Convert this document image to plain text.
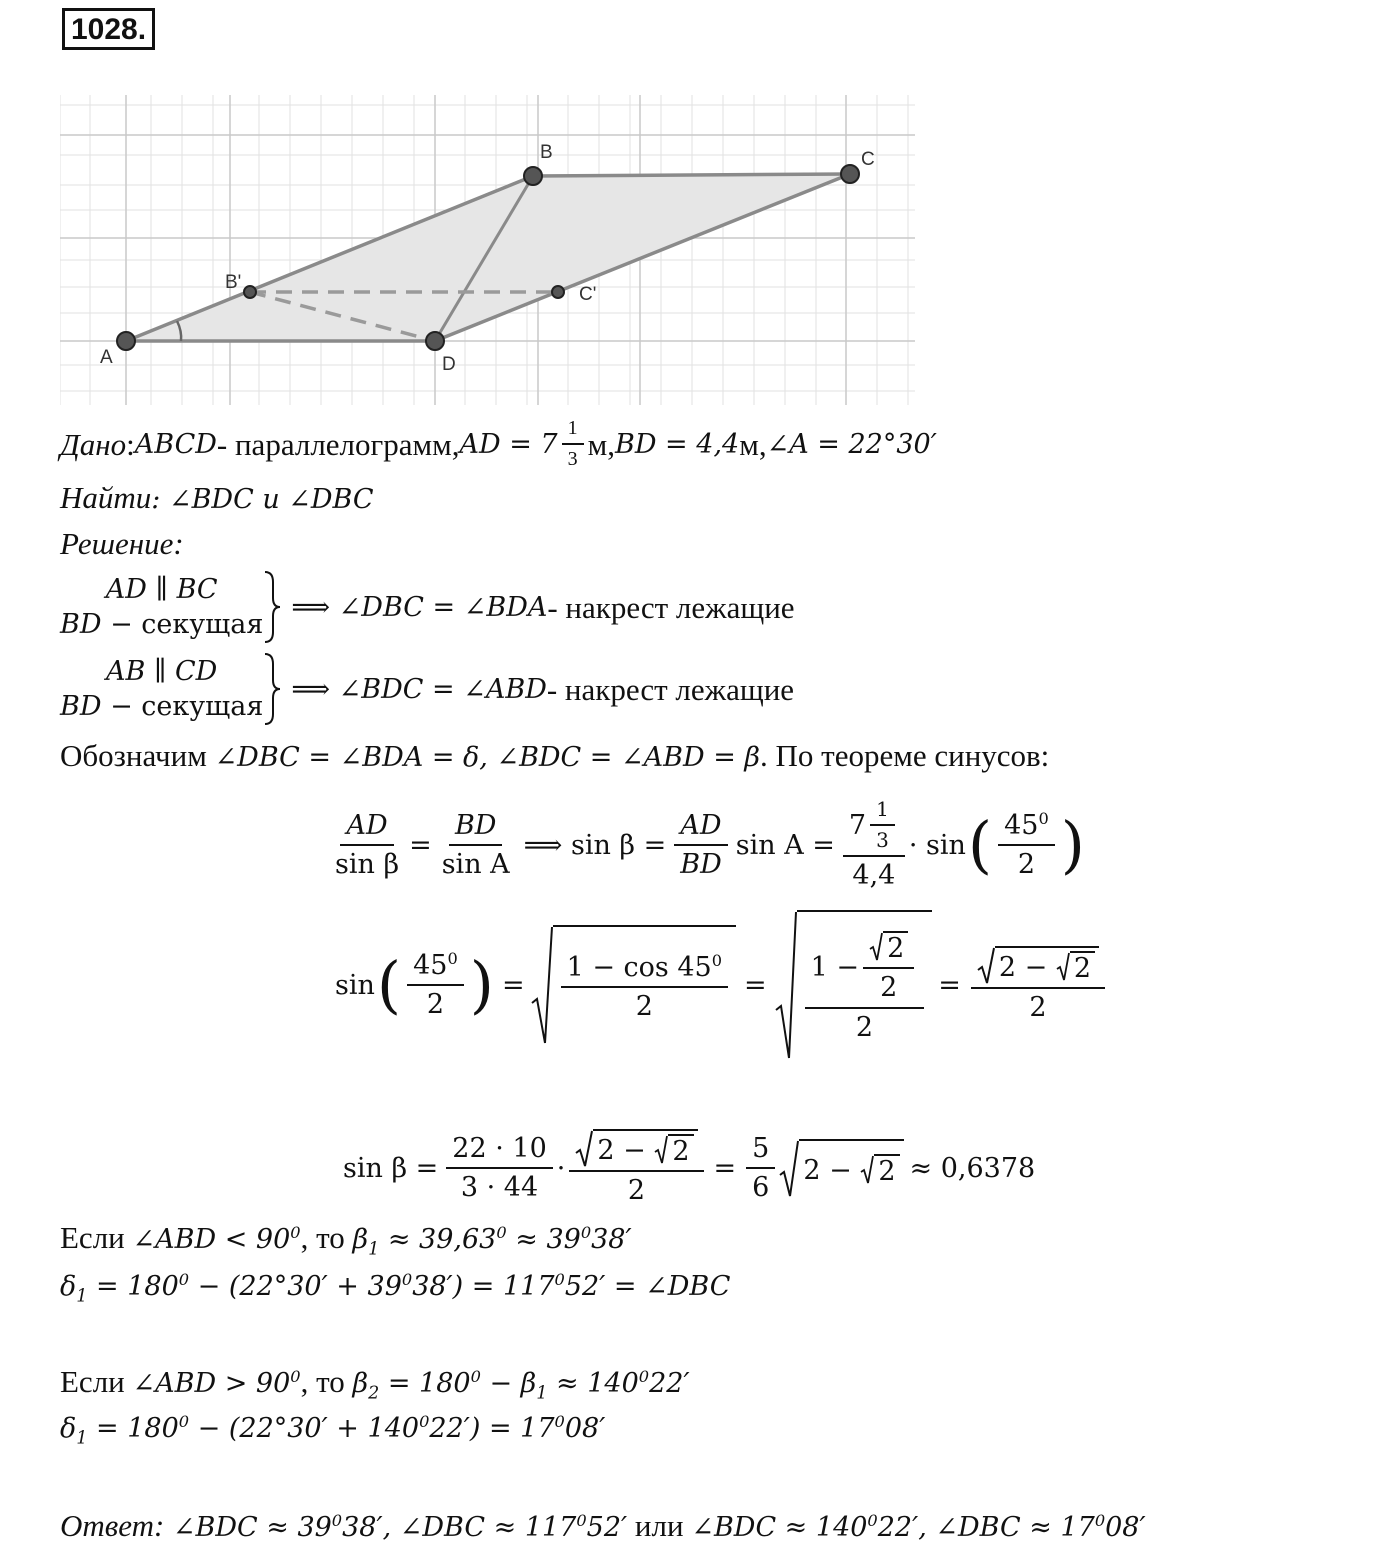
1028.
A
B	C
D
B'
C'
Дано : ABCD - параллелограмм, AD = $7 \frac{1}{3} м$, BD = 4,4 м, ∠A = 22°30′
Найти: ∠BDC и ∠DBC
Решение:
AD ∥ BC
BD − секущая
⟹ ∠DBC = ∠BDA - накрест лежащие
AB ∥ CD
BD − секущая
⟹ ∠BDC = ∠ABD - накрест лежащие
Обозначим ∠DBC = ∠BDA = δ, ∠BDC = ∠ABD = β. По теореме синусов:
$\frac{AD}{\text{sin β}} = \frac{BD}{\text{sin A}}$ ⟹ $\sin \beta = \frac{AD}{BD}$ $\sin A = \frac{7 \frac{1}{3}}{4,4} \cdot \sin$ ( $\frac{45^0}{2}$ )
sin ( $\frac{45^0}{2}$ ) = $\frac{1 - \cos 45^0}{2} = \frac{1 - \frac{2}{2}}{2} = 2$ −
2
2
$\sin \beta = \frac{22 \cdot 10}{3 \cdot 44} \cdot 2$ −
2
$2 = \frac{5}{6} 2$ −
2 ≈ 0,6378
Если ∠ABD < $90^0$, то $\beta_1 \approx 39,63^0 \approx 39^038'$
$\delta_1 = 180^0 - (22^\circ 30' + 39^038') = 117^052'$ = ∠DBC
Если ∠ABD > $90^0$, то $\beta_2 = 180^0 - \beta_1 \approx 140^022'$
$\delta_1 = 180^0 - (22^\circ 30' + 140^022') = 17^008'$
Ответ: ∠BDC ≈ $39^038'$, ∠DBC ≈ $117^052'$ или ∠BDC ≈ $140^022'$, ∠DBC ≈ $17^008'$
